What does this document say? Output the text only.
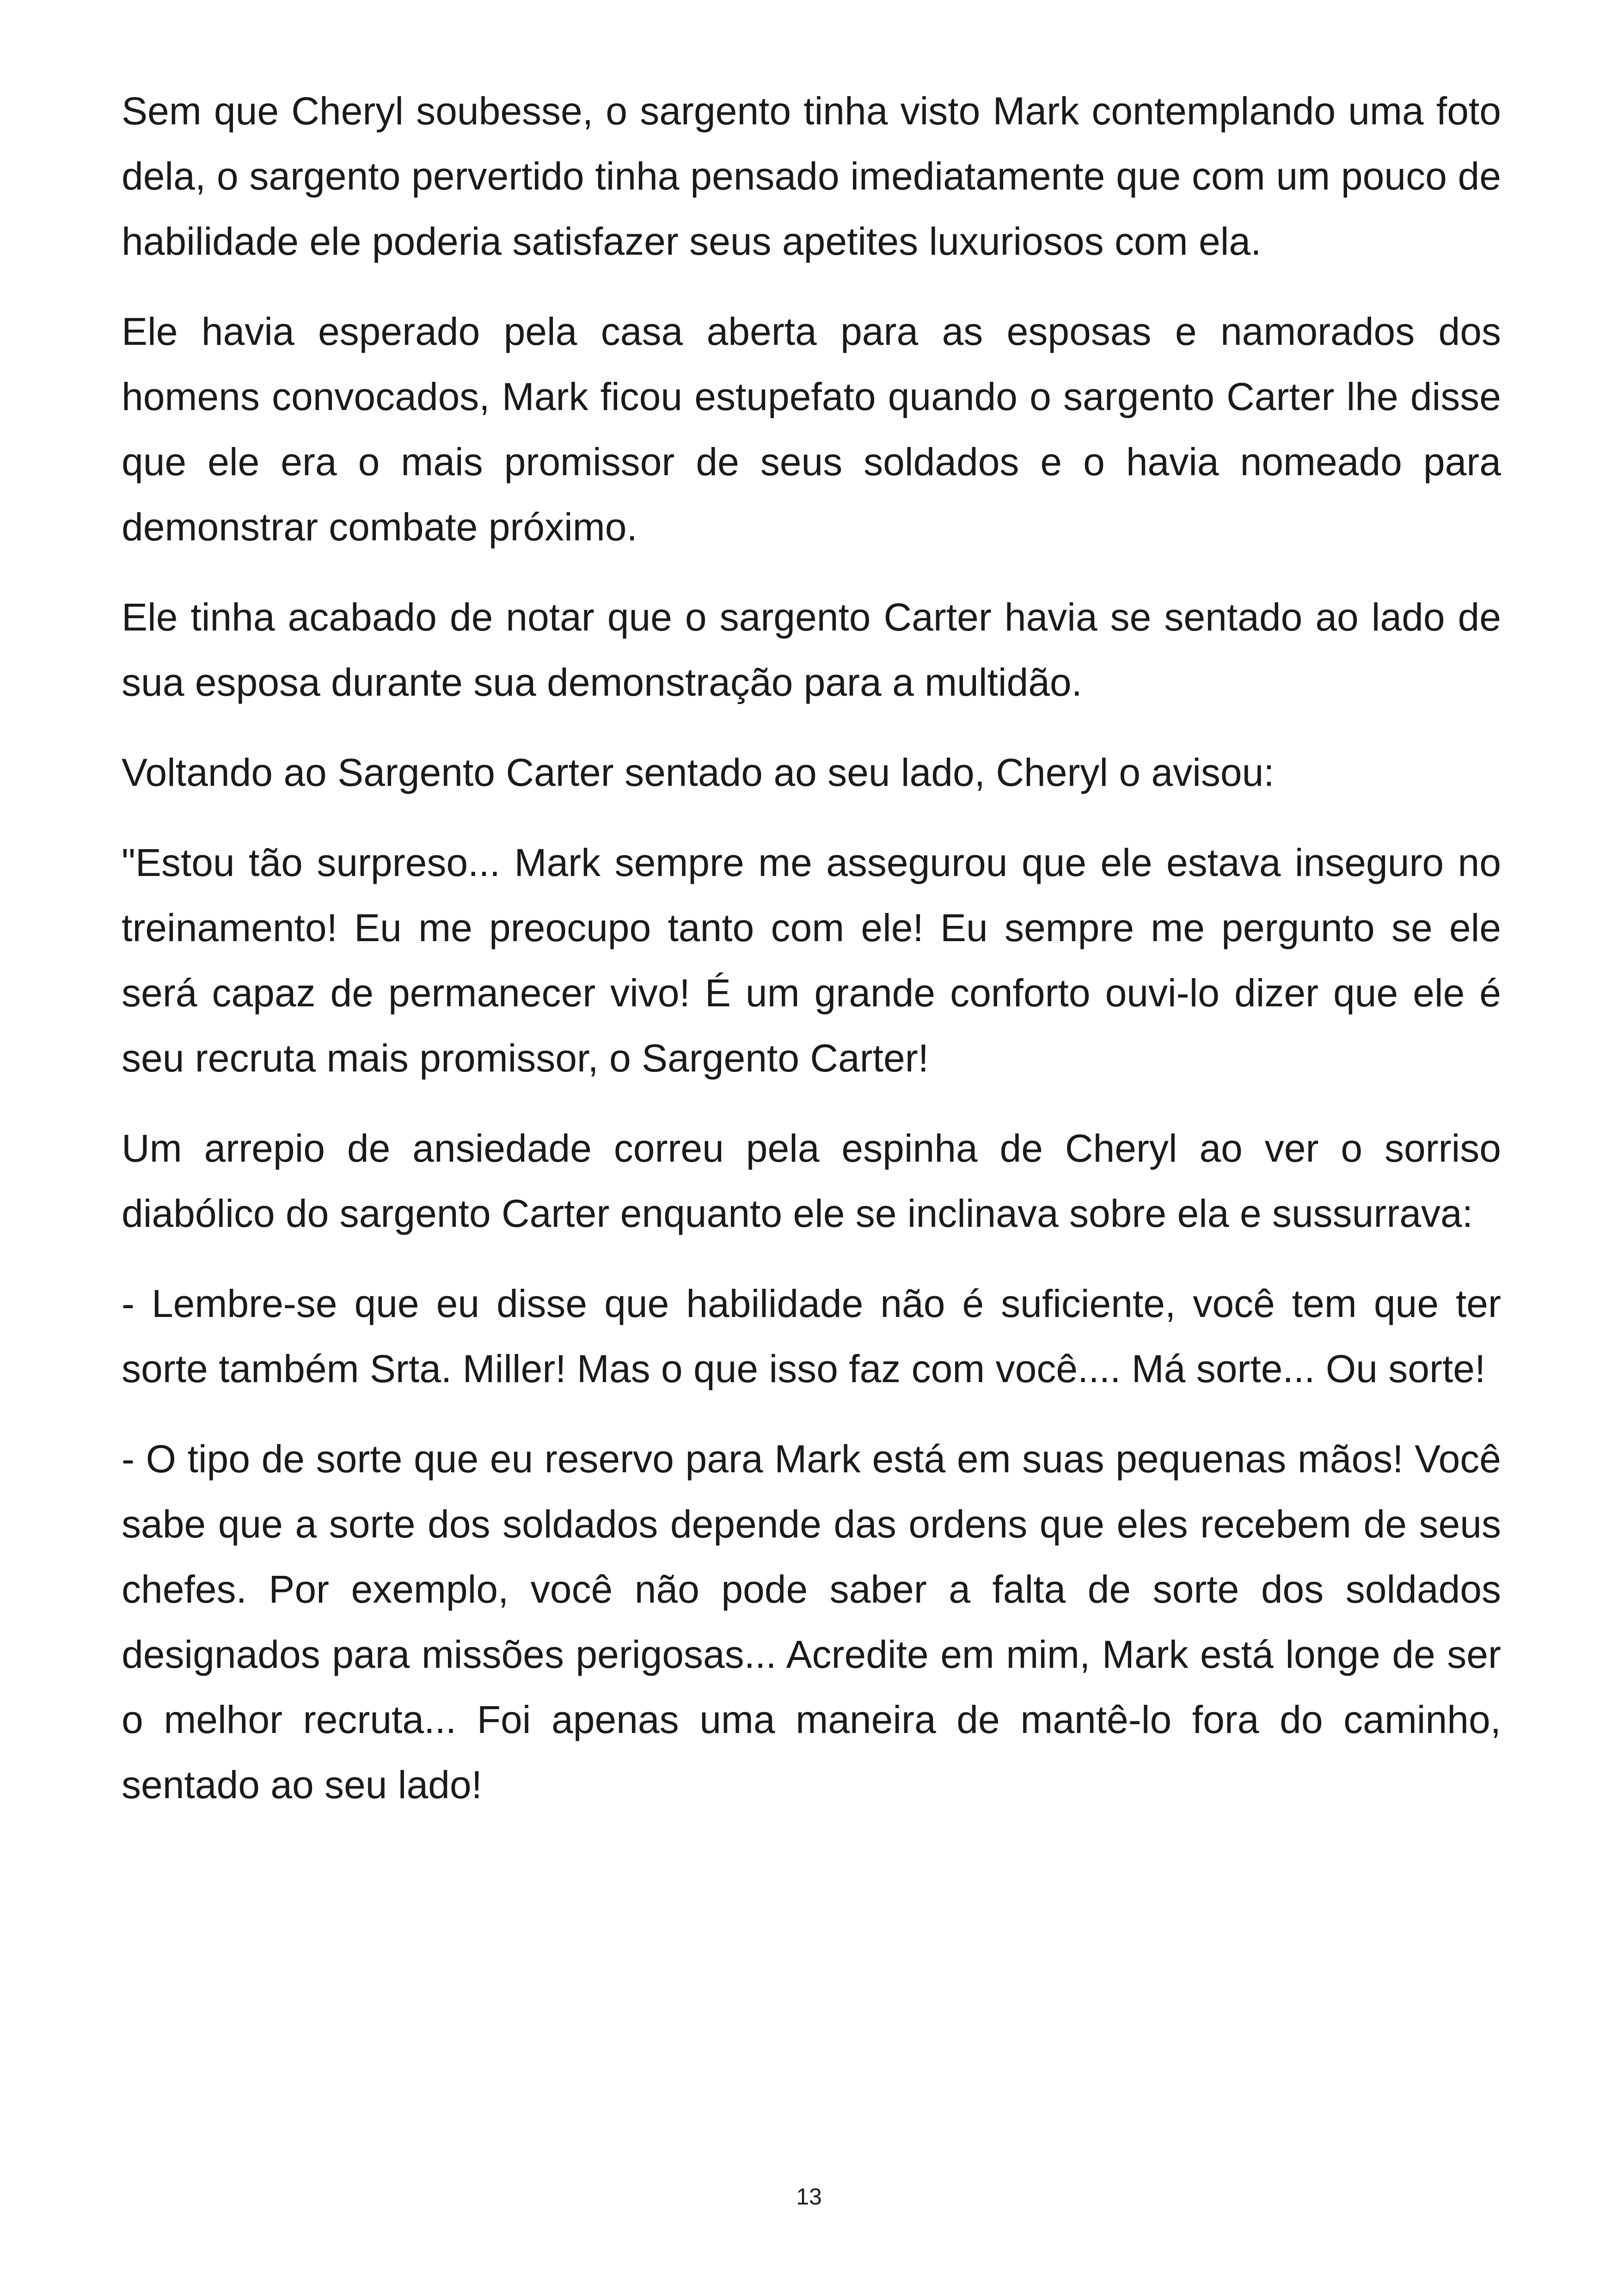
Sem que Cheryl soubesse, o sargento tinha visto Mark contemplando uma foto dela, o sargento pervertido tinha pensado imediatamente que com um pouco de habilidade ele poderia satisfazer seus apetites luxuriosos com ela.

Ele havia esperado pela casa aberta para as esposas e namorados dos homens convocados, Mark ficou estupefato quando o sargento Carter lhe disse que ele era o mais promissor de seus soldados e o havia nomeado para demonstrar combate próximo.

Ele tinha acabado de notar que o sargento Carter havia se sentado ao lado de sua esposa durante sua demonstração para a multidão.

Voltando ao Sargento Carter sentado ao seu lado, Cheryl o avisou:

"Estou tão surpreso... Mark sempre me assegurou que ele estava inseguro no treinamento! Eu me preocupo tanto com ele! Eu sempre me pergunto se ele será capaz de permanecer vivo! É um grande conforto ouvi-lo dizer que ele é seu recruta mais promissor, o Sargento Carter!

Um arrepio de ansiedade correu pela espinha de Cheryl ao ver o sorriso diabólico do sargento Carter enquanto ele se inclinava sobre ela e sussurrava:

- Lembre-se que eu disse que habilidade não é suficiente, você tem que ter sorte também Srta. Miller! Mas o que isso faz com você.... Má sorte... Ou sorte!

- O tipo de sorte que eu reservo para Mark está em suas pequenas mãos! Você sabe que a sorte dos soldados depende das ordens que eles recebem de seus chefes. Por exemplo, você não pode saber a falta de sorte dos soldados designados para missões perigosas... Acredite em mim, Mark está longe de ser o melhor recruta... Foi apenas uma maneira de mantê-lo fora do caminho, sentado ao seu lado!

13
